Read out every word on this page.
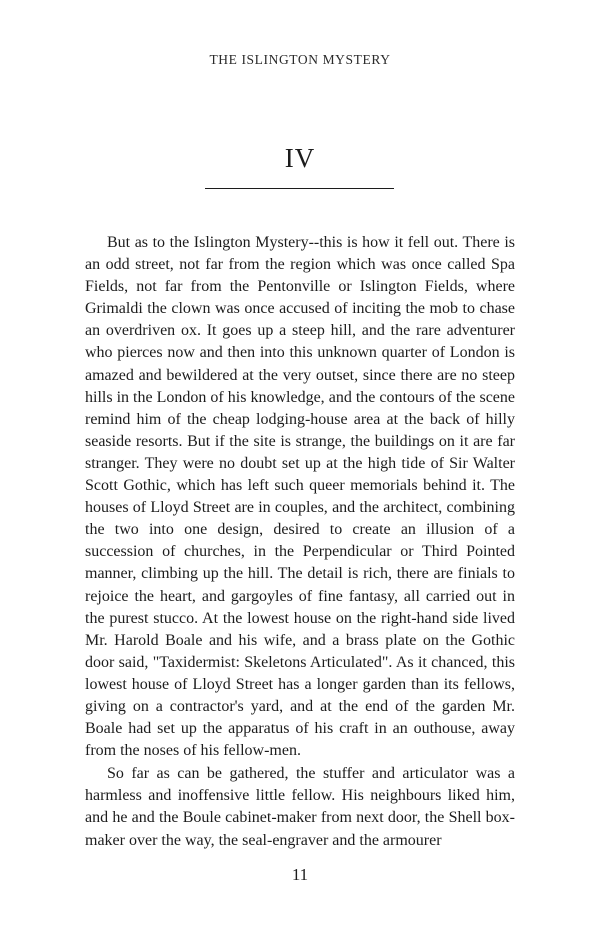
THE ISLINGTON MYSTERY
IV

But as to the Islington Mystery--this is how it fell out. There is an odd street, not far from the region which was once called Spa Fields, not far from the Pentonville or Islington Fields, where Grimaldi the clown was once accused of inciting the mob to chase an overdriven ox. It goes up a steep hill, and the rare adventurer who pierces now and then into this unknown quarter of London is amazed and bewildered at the very outset, since there are no steep hills in the London of his knowledge, and the contours of the scene remind him of the cheap lodging-house area at the back of hilly seaside resorts. But if the site is strange, the buildings on it are far stranger. They were no doubt set up at the high tide of Sir Walter Scott Gothic, which has left such queer memorials behind it. The houses of Lloyd Street are in couples, and the architect, combining the two into one design, desired to create an illusion of a succession of churches, in the Perpendicular or Third Pointed manner, climbing up the hill. The detail is rich, there are finials to rejoice the heart, and gargoyles of fine fantasy, all carried out in the purest stucco. At the lowest house on the right-hand side lived Mr. Harold Boale and his wife, and a brass plate on the Gothic door said, "Taxidermist: Skeletons Articulated". As it chanced, this lowest house of Lloyd Street has a longer garden than its fellows, giving on a contractor's yard, and at the end of the garden Mr. Boale had set up the apparatus of his craft in an outhouse, away from the noses of his fellow-men.

So far as can be gathered, the stuffer and articulator was a harmless and inoffensive little fellow. His neighbours liked him, and he and the Boule cabinet-maker from next door, the Shell box-maker over the way, the seal-engraver and the armourer

11
